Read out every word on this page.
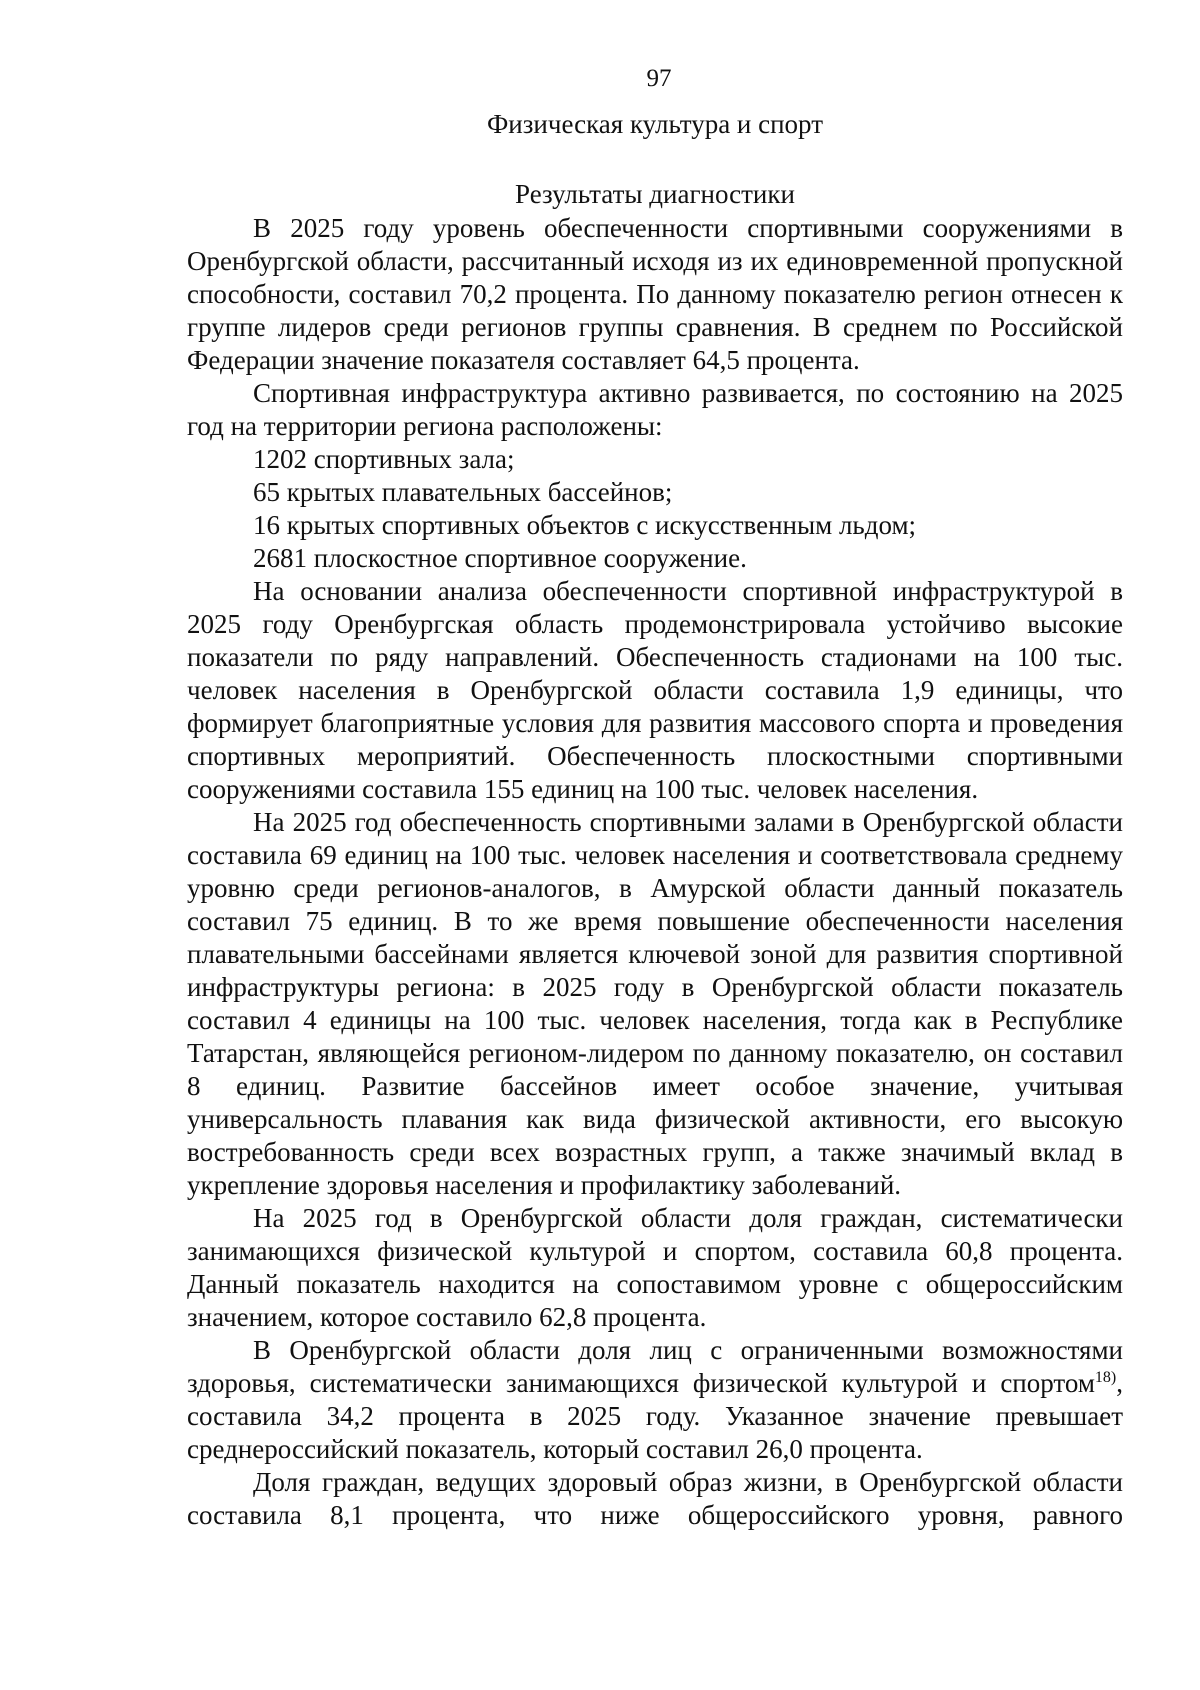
97

Физическая культура и спорт
Результаты диагностики

В 2025 году уровень обеспеченности спортивными сооружениями в Оренбургской области, рассчитанный исходя из их единовременной пропускной способности, составил 70,2 процента. По данному показателю регион отнесен к группе лидеров среди регионов группы сравнения. В среднем по Российской Федерации значение показателя составляет 64,5 процента.

Спортивная инфраструктура активно развивается, по состоянию на 2025 год на территории региона расположены:

1202 спортивных зала;

65 крытых плавательных бассейнов;

16 крытых спортивных объектов с искусственным льдом;

2681 плоскостное спортивное сооружение.

На основании анализа обеспеченности спортивной инфраструктурой в 2025 году Оренбургская область продемонстрировала устойчиво высокие показатели по ряду направлений. Обеспеченность стадионами на 100 тыс. человек населения в Оренбургской области составила 1,9 единицы, что формирует благоприятные условия для развития массового спорта и проведения спортивных мероприятий. Обеспеченность плоскостными спортивными сооружениями составила 155 единиц на 100 тыс. человек населения.

На 2025 год обеспеченность спортивными залами в Оренбургской области составила 69 единиц на 100 тыс. человек населения и соответствовала среднему уровню среди регионов-аналогов, в Амурской области данный показатель составил 75 единиц. В то же время повышение обеспеченности населения плавательными бассейнами является ключевой зоной для развития спортивной инфраструктуры региона: в 2025 году в Оренбургской области показатель составил 4 единицы на 100 тыс. человек населения, тогда как в Республике Татарстан, являющейся регионом-лидером по данному показателю, он составил 8 единиц. Развитие бассейнов имеет особое значение, учитывая универсальность плавания как вида физической активности, его высокую востребованность среди всех возрастных групп, а также значимый вклад в укрепление здоровья населения и профилактику заболеваний.

На 2025 год в Оренбургской области доля граждан, систематически занимающихся физической культурой и спортом, составила 60,8 процента. Данный показатель находится на сопоставимом уровне с общероссийским значением, которое составило 62,8 процента.

В Оренбургской области доля лиц с ограниченными возможностями здоровья, систематически занимающихся физической культурой и спортом$^{18)}$, составила 34,2 процента в 2025 году. Указанное значение превышает среднероссийский показатель, который составил 26,0 процента.

Доля граждан, ведущих здоровый образ жизни, в Оренбургской области составила 8,1 процента, что ниже общероссийского уровня, равного
